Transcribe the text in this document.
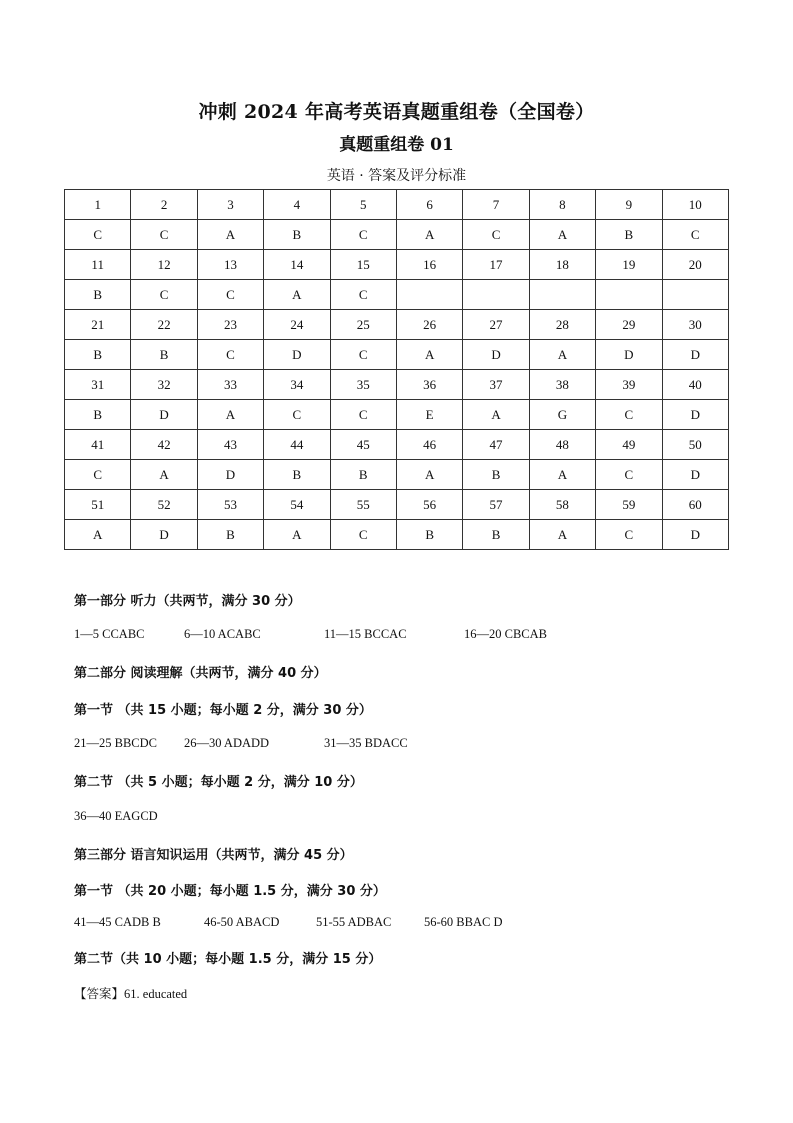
冲刺 2024 年高考英语真题重组卷（全国卷）
真题重组卷 01
英语 · 答案及评分标准
1	2	3	4	5	6	7	8	9	10
C	C	A	B	C	A	C	A	B	C
11	12	13	14	15	16	17	18	19	20
B	C	C	A	C					
21	22	23	24	25	26	27	28	29	30
B	B	C	D	C	A	D	A	D	D
31	32	33	34	35	36	37	38	39	40
B	D	A	C	C	E	A	G	C	D
41	42	43	44	45	46	47	48	49	50
C	A	D	B	B	A	B	A	C	D
51	52	53	54	55	56	57	58	59	60
A	D	B	A	C	B	B	A	C	D
第一部分 听力（共两节，满分 30 分）
1—5 CCABC	6—10 ACABC	11—15 BCCAC	16—20 CBCAB
第二部分 阅读理解（共两节，满分 40 分）
第一节 （共 15 小题；每小题 2 分，满分 30 分）
21—25 BBCDC 26—30 ADADD	31—35 BDACC
第二节 （共 5 小题；每小题 2 分，满分 10 分）
36—40 EAGCD
第三部分 语言知识运用（共两节，满分 45 分）
第一节 （共 20 小题；每小题 1.5 分，满分 30 分）
41—45 CADB B	46-50 ABACD	51-55 ADBAC	56-60 BBAC D
第二节（共 10 小题；每小题 1.5 分，满分 15 分）
【答案】61. educated
